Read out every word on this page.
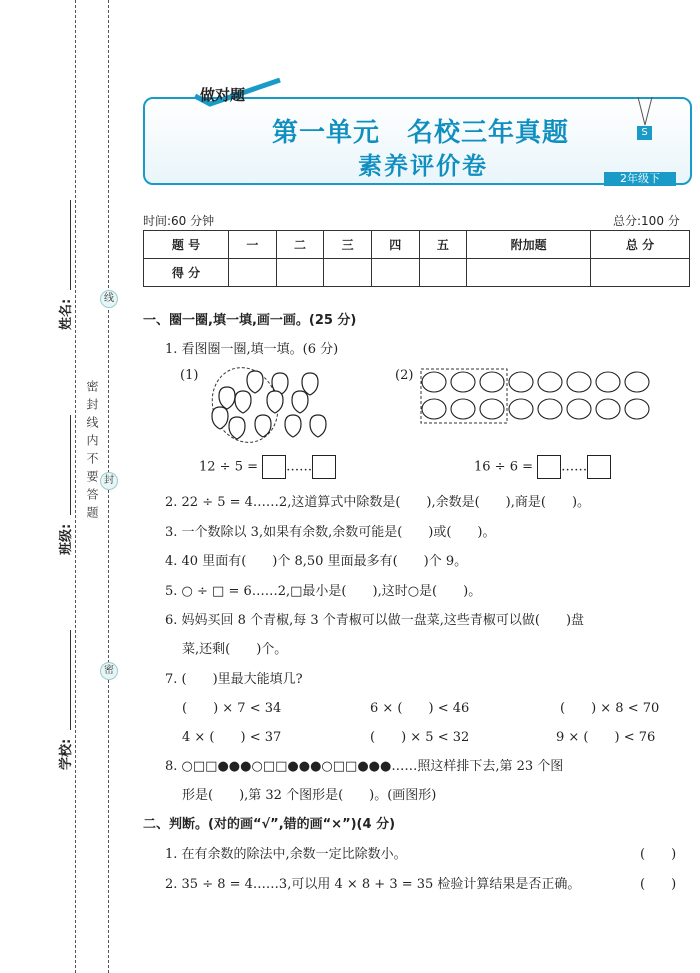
姓名:
班级:
学校:
线
封
密
密封线内不要答题
做对题
第一单元　名校三年真题
素养评价卷
S
2年级下
时间:60 分钟	总分:100 分
题 号	一	二	三	四	五	附加题	总 分
得 分							
一、圈一圈,填一填,画一画。(25 分)
1. 看图圈一圈,填一填。(6 分)
(1)	(2)
12 ÷ 5 = ……	16 ÷ 6 = ……
2. 22 ÷ 5 = 4……2,这道算式中除数是(　　),余数是(　　),商是(　　)。
3. 一个数除以 3,如果有余数,余数可能是(　　)或(　　)。
4. 40 里面有(　　)个 8,50 里面最多有(　　)个 9。
5. ○ ÷ □ = 6……2,□最小是(　　),这时○是(　　)。
6. 妈妈买回 8 个青椒,每 3 个青椒可以做一盘菜,这些青椒可以做(　　)盘
菜,还剩(　　)个。
7. (　　)里最大能填几?
(　　) × 7 < 34	6 × (　　) < 46	(　　) × 8 < 70
4 × (　　) < 37	(　　) × 5 < 32	9 × (　　) < 76
8. ○□□●●●○□□●●●○□□●●●……照这样排下去,第 23 个图
形是(　　),第 32 个图形是(　　)。(画图形)
二、判断。(对的画“√”,错的画“×”)(4 分)
1. 在有余数的除法中,余数一定比除数小。	(　　)
2. 35 ÷ 8 = 4……3,可以用 4 × 8 + 3 = 35 检验计算结果是否正确。	(　　)
